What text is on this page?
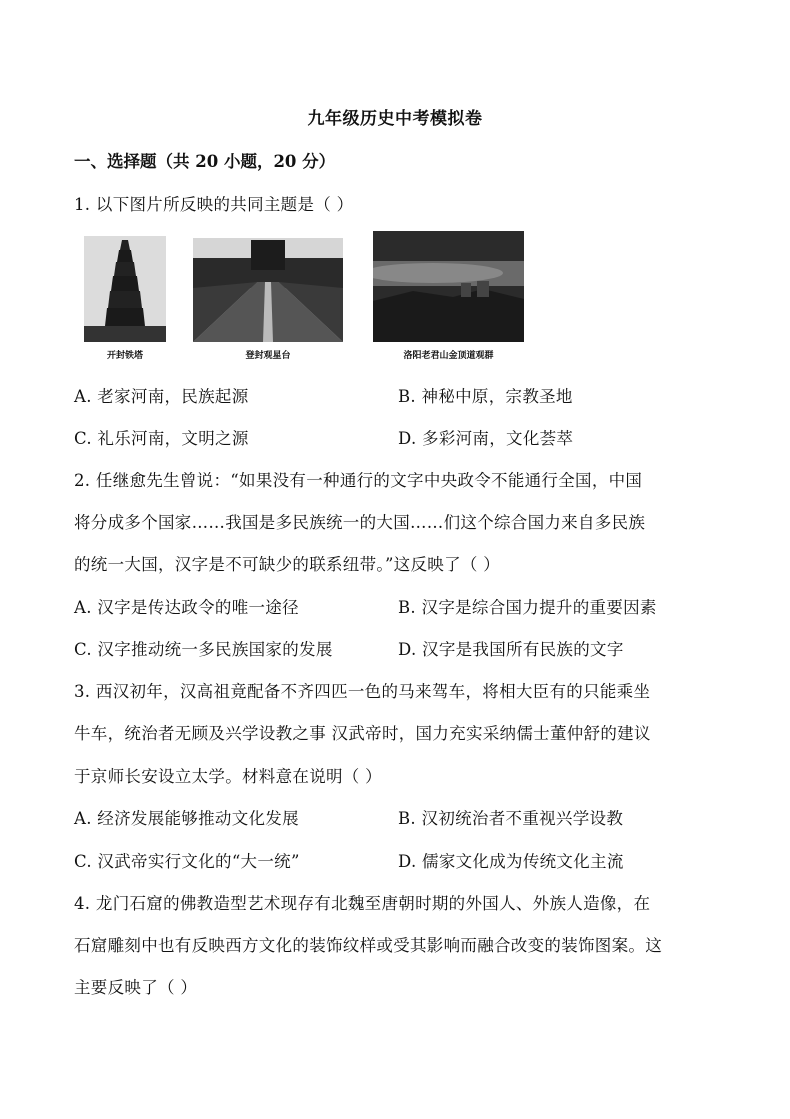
九年级历史中考模拟卷
一、选择题（共 20 小题，20 分）
1. 以下图片所反映的共同主题是（ ）
开封铁塔	登封观星台	洛阳老君山金顶道观群
A. 老家河南，民族起源	B. 神秘中原，宗教圣地
C. 礼乐河南，文明之源	D. 多彩河南，文化荟萃
2. 任继愈先生曾说：“如果没有一种通行的文字中央政令不能通行全国，中国
将分成多个国家……我国是多民族统一的大国……们这个综合国力来自多民族
的统一大国，汉字是不可缺少的联系纽带。”这反映了（ ）
A. 汉字是传达政令的唯一途径	B. 汉字是综合国力提升的重要因素
C. 汉字推动统一多民族国家的发展	D. 汉字是我国所有民族的文字
3. 西汉初年，汉高祖竟配备不齐四匹一色的马来驾车，将相大臣有的只能乘坐
牛车，统治者无顾及兴学设教之事 汉武帝时，国力充实采纳儒士董仲舒的建议
于京师长安设立太学。材料意在说明（ ）
A. 经济发展能够推动文化发展	B. 汉初统治者不重视兴学设教
C. 汉武帝实行文化的“大一统”	D. 儒家文化成为传统文化主流
4. 龙门石窟的佛教造型艺术现存有北魏至唐朝时期的外国人、外族人造像，在
石窟雕刻中也有反映西方文化的装饰纹样或受其影响而融合改变的装饰图案。这
主要反映了（ ）
